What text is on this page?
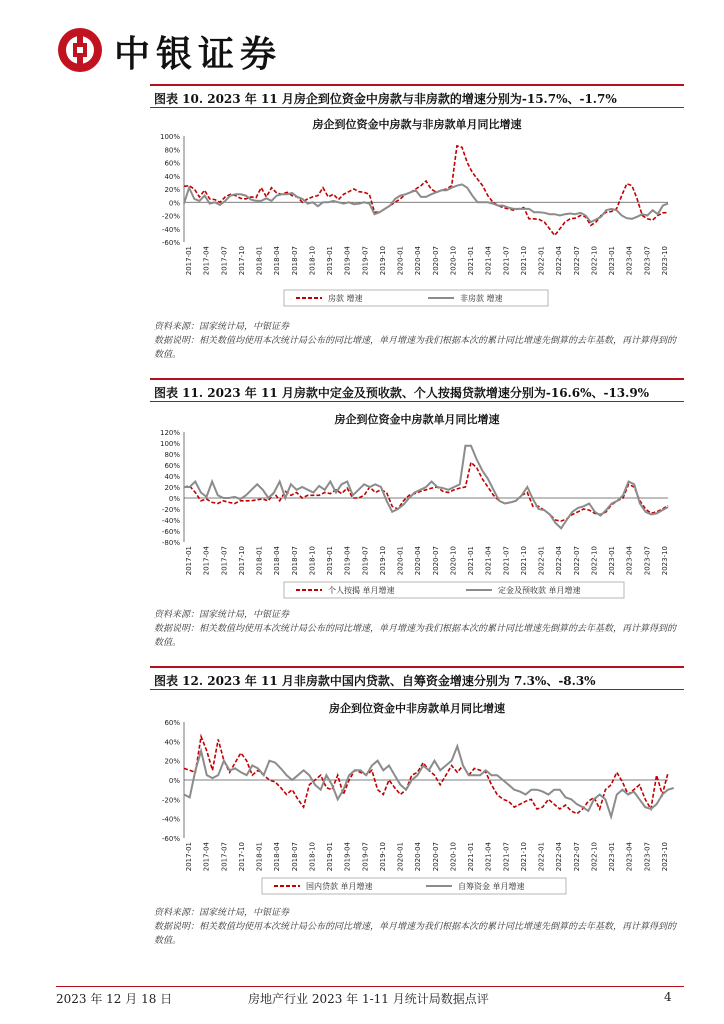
中银证券
图表 10. 2023 年 11 月房企到位资金中房款与非房款的增速分别为-15.7%、-1.7%
房企到位资金中房款与非房款单月同比增速
100%
80%
60%
40%
20%
0%
-20%
-40%
-60%
2017-01 2017-04 2017-07 2017-10 2018-01 2018-04 2018-07 2018-10 2019-01 2019-04 2019-07 2019-10 2020-01 2020-04 2020-07 2020-10 2021-01 2021-04 2021-07 2021-10 2022-01 2022-04 2022-07 2022-10 2023-01 2023-04 2023-07 2023-10
房款 增速	非房款 增速
资料来源：国家统计局，中银证券
数据说明：相关数值均使用本次统计局公布的同比增速，单月增速为我们根据本次的累计同比增速先倒算的去年基数，再计算得到的数值。
图表 11. 2023 年 11 月房款中定金及预收款、个人按揭贷款增速分别为-16.6%、-13.9%
房企到位资金中房款单月同比增速
120%
100%
80%
60%
40%
20%
0%
-20%
-40%
-60%
-80%
2017-01 2017-04 2017-07 2017-10 2018-01 2018-04 2018-07 2018-10 2019-01 2019-04 2019-07 2019-10 2020-01 2020-04 2020-07 2020-10 2021-01 2021-04 2021-07 2021-10 2022-01 2022-04 2022-07 2022-10 2023-01 2023-04 2023-07 2023-10
个人按揭 单月增速	定金及预收款 单月增速
资料来源：国家统计局，中银证券
数据说明：相关数值均使用本次统计局公布的同比增速，单月增速为我们根据本次的累计同比增速先倒算的去年基数，再计算得到的数值。
图表 12. 2023 年 11 月非房款中国内贷款、自筹资金增速分别为 7.3%、-8.3%
房企到位资金中非房款单月同比增速
60%
40%
20%
0%
-20%
-40%
-60%
2017-01 2017-04 2017-07 2017-10 2018-01 2018-04 2018-07 2018-10 2019-01 2019-04 2019-07 2019-10 2020-01 2020-04 2020-07 2020-10 2021-01 2021-04 2021-07 2021-10 2022-01 2022-04 2022-07 2022-10 2023-01 2023-04 2023-07 2023-10
国内贷款 单月增速	自筹资金 单月增速
资料来源：国家统计局，中银证券
数据说明：相关数值均使用本次统计局公布的同比增速，单月增速为我们根据本次的累计同比增速先倒算的去年基数，再计算得到的数值。
2023 年 12 月 18 日	房地产行业 2023 年 1-11 月统计局数据点评	4
